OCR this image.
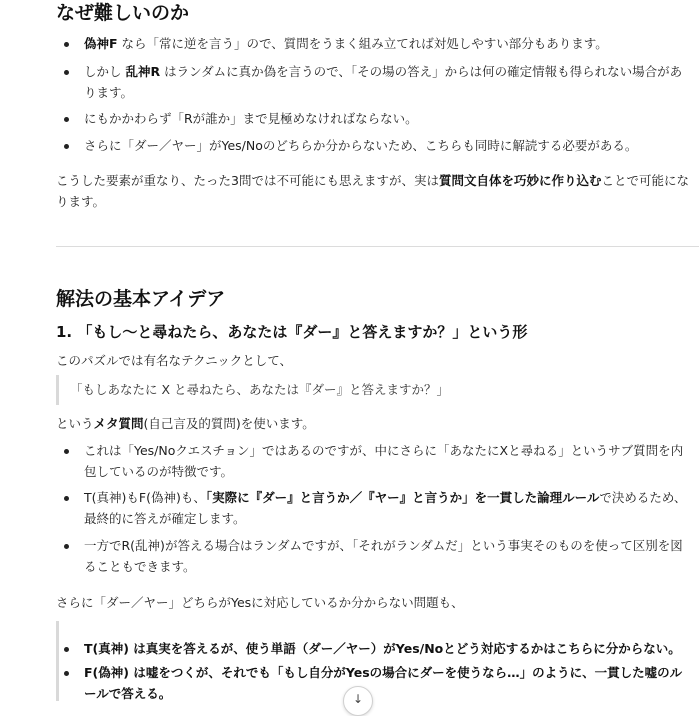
なぜ難しいのか
偽神F なら「常に逆を言う」ので、質問をうまく組み立てれば対処しやすい部分もあります。
しかし 乱神R はランダムに真か偽を言うので、「その場の答え」からは何の確定情報も得られない場合があります。
にもかかわらず「Rが誰か」まで見極めなければならない。
さらに「ダー／ヤー」がYes/Noのどちらか分からないため、こちらも同時に解読する必要がある。
こうした要素が重なり、たった3問では不可能にも思えますが、実は質問文自体を巧妙に作り込むことで可能になります。
解法の基本アイデア
1. 「もし〜と尋ねたら、あなたは『ダー』と答えますか？」という形
このパズルでは有名なテクニックとして、
「もしあなたに X と尋ねたら、あなたは『ダー』と答えますか？」
というメタ質問(自己言及的質問)を使います。
これは「Yes/Noクエスチョン」ではあるのですが、中にさらに「あなたにXと尋ねる」というサブ質問を内包しているのが特徴です。
T(真神)もF(偽神)も、「実際に『ダー』と言うか／『ヤー』と言うか」を一貫した論理ルールで決めるため、最終的に答えが確定します。
一方でR(乱神)が答える場合はランダムですが、「それがランダムだ」という事実そのものを使って区別を図ることもできます。
さらに「ダー／ヤー」どちらがYesに対応しているか分からない問題も、
T(真神) は真実を答えるが、使う単語（ダー／ヤー）がYes/Noとどう対応するかはこちらに分からない。
F(偽神) は嘘をつくが、それでも「もし自分がYesの場合にダーを使うなら…」のように、一貫した嘘のルールで答える。	↓
